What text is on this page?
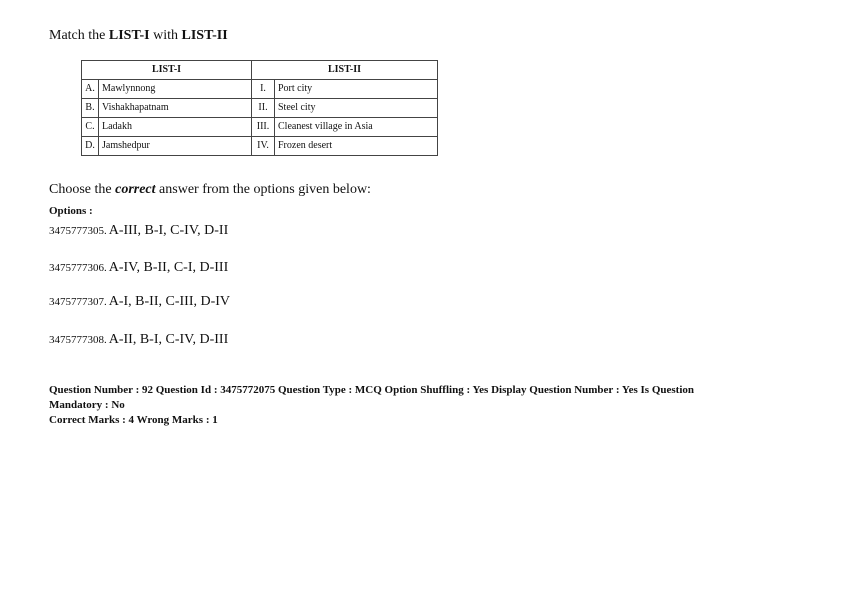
Match the LIST-I with LIST-II
LIST-I		LIST-II	
A.	Mawlynnong	I.	Port city
B.	Vishakhapatnam	II.	Steel city
C.	Ladakh	III.	Cleanest village in Asia
D.	Jamshedpur	IV.	Frozen desert
Choose the correct answer from the options given below:
Options :
3475777305. A-III, B-I, C-IV, D-II
3475777306. A-IV, B-II, C-I, D-III
3475777307. A-I, B-II, C-III, D-IV
3475777308. A-II, B-I, C-IV, D-III
Question Number : 92 Question Id : 3475772075 Question Type : MCQ Option Shuffling : Yes Display Question Number : Yes Is Question
Mandatory : No
Correct Marks : 4 Wrong Marks : 1
